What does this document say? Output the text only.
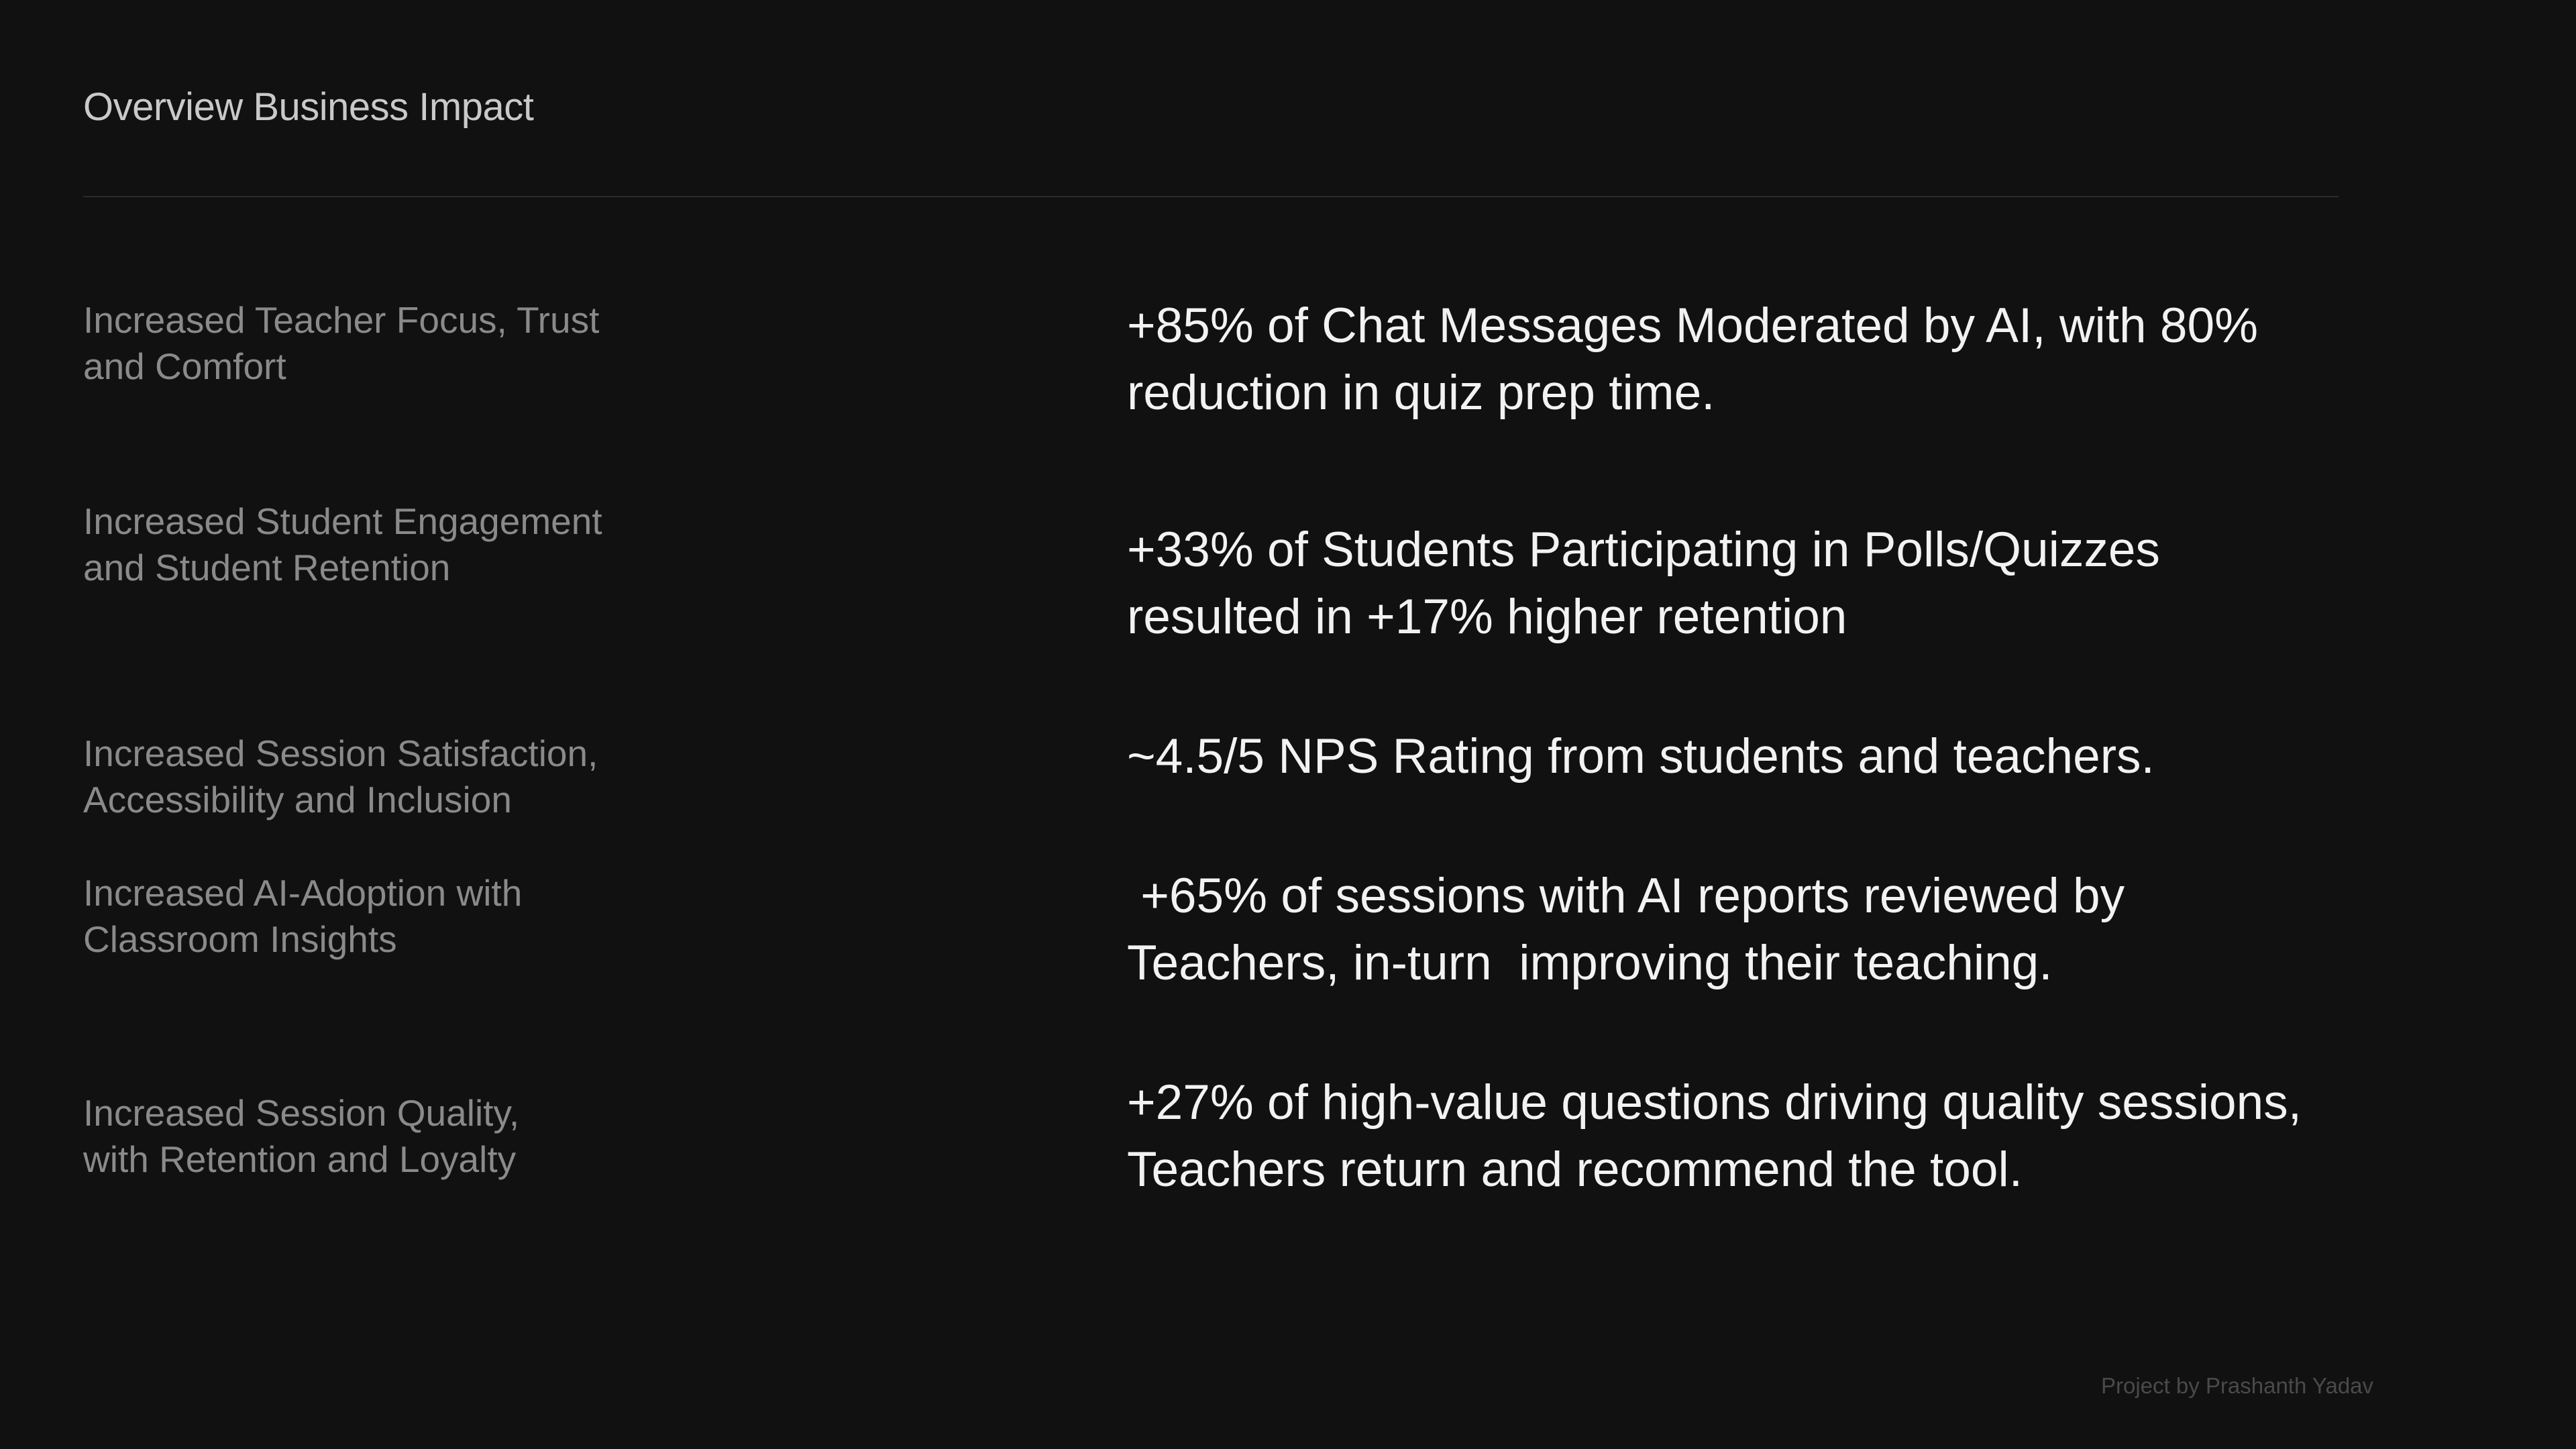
Overview Business Impact
Increased Teacher Focus, Trust
and Comfort
+85% of Chat Messages Moderated by AI, with 80%
reduction in quiz prep time.
Increased Student Engagement
and Student Retention	+33% of Students Participating in Polls/Quizzes
resulted in +17% higher retention
Increased Session Satisfaction,
Accessibility and Inclusion
~4.5/5 NPS Rating from students and teachers.
Increased AI-Adoption with
Classroom Insights
+65% of sessions with AI reports reviewed by
Teachers, in-turn  improving their teaching.
Increased Session Quality,
with Retention and Loyalty
+27% of high-value questions driving quality sessions,
Teachers return and recommend the tool.
Project by Prashanth Yadav
